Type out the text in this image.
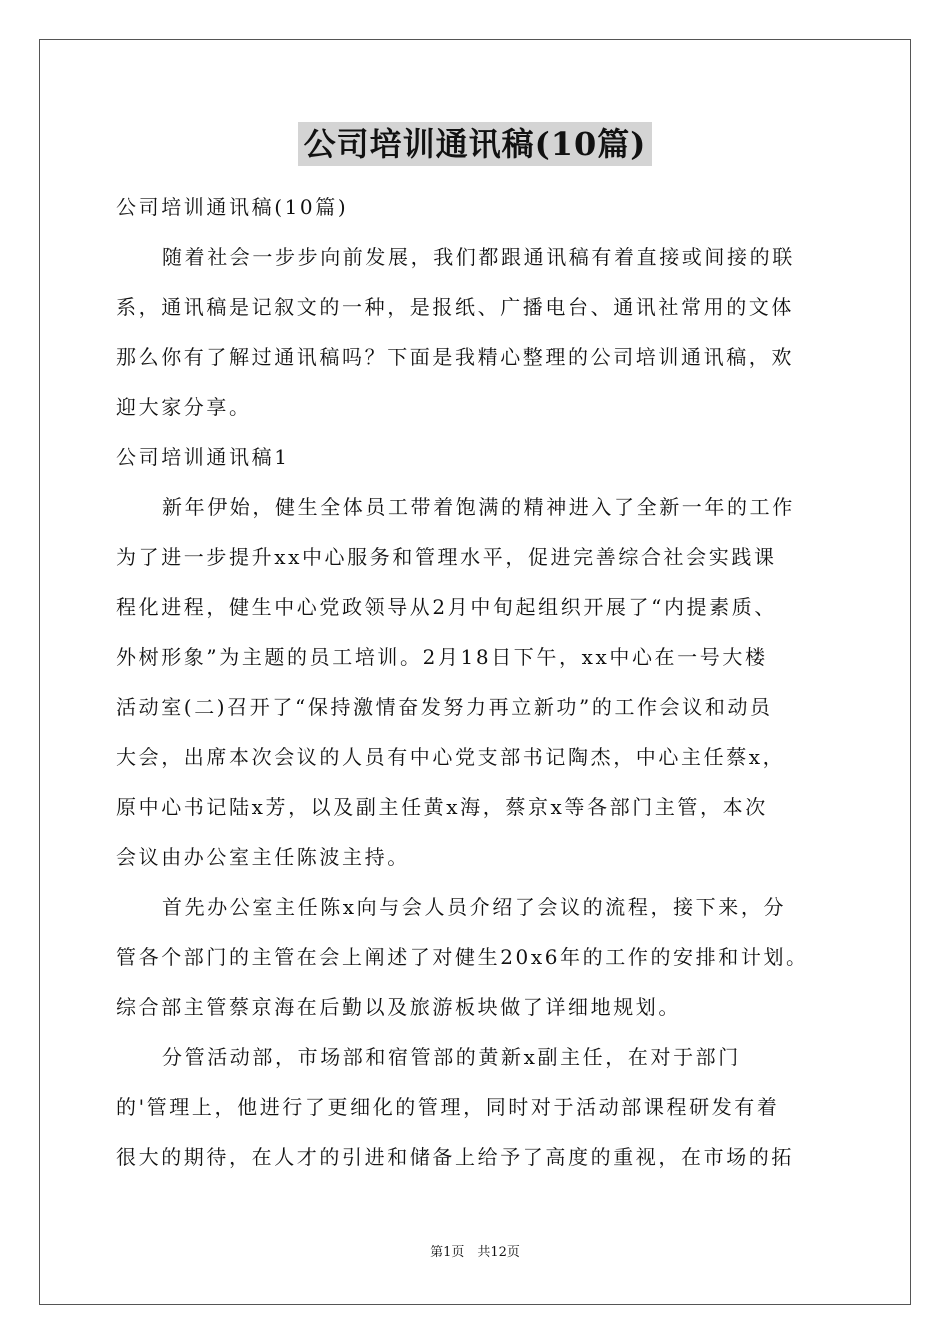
公司培训通讯稿(10篇)
公司培训通讯稿(10篇)
随着社会一步步向前发展，我们都跟通讯稿有着直接或间接的联
系，通讯稿是记叙文的一种，是报纸、广播电台、通讯社常用的文体
那么你有了解过通讯稿吗？下面是我精心整理的公司培训通讯稿，欢
迎大家分享。
公司培训通讯稿1
新年伊始，健生全体员工带着饱满的精神进入了全新一年的工作
为了进一步提升xx中心服务和管理水平，促进完善综合社会实践课
程化进程，健生中心党政领导从2月中旬起组织开展了“内提素质、
外树形象”为主题的员工培训。2月18日下午，xx中心在一号大楼
活动室(二)召开了“保持激情奋发努力再立新功”的工作会议和动员
大会，出席本次会议的人员有中心党支部书记陶杰，中心主任蔡x，
原中心书记陆x芳，以及副主任黄x海，蔡京x等各部门主管，本次
会议由办公室主任陈波主持。
首先办公室主任陈x向与会人员介绍了会议的流程，接下来，分
管各个部门的主管在会上阐述了对健生20x6年的工作的安排和计划。
综合部主管蔡京海在后勤以及旅游板块做了详细地规划。
分管活动部，市场部和宿管部的黄新x副主任，在对于部门
的'管理上，他进行了更细化的管理，同时对于活动部课程研发有着
很大的期待，在人才的引进和储备上给予了高度的重视，在市场的拓
第1页　共12页
